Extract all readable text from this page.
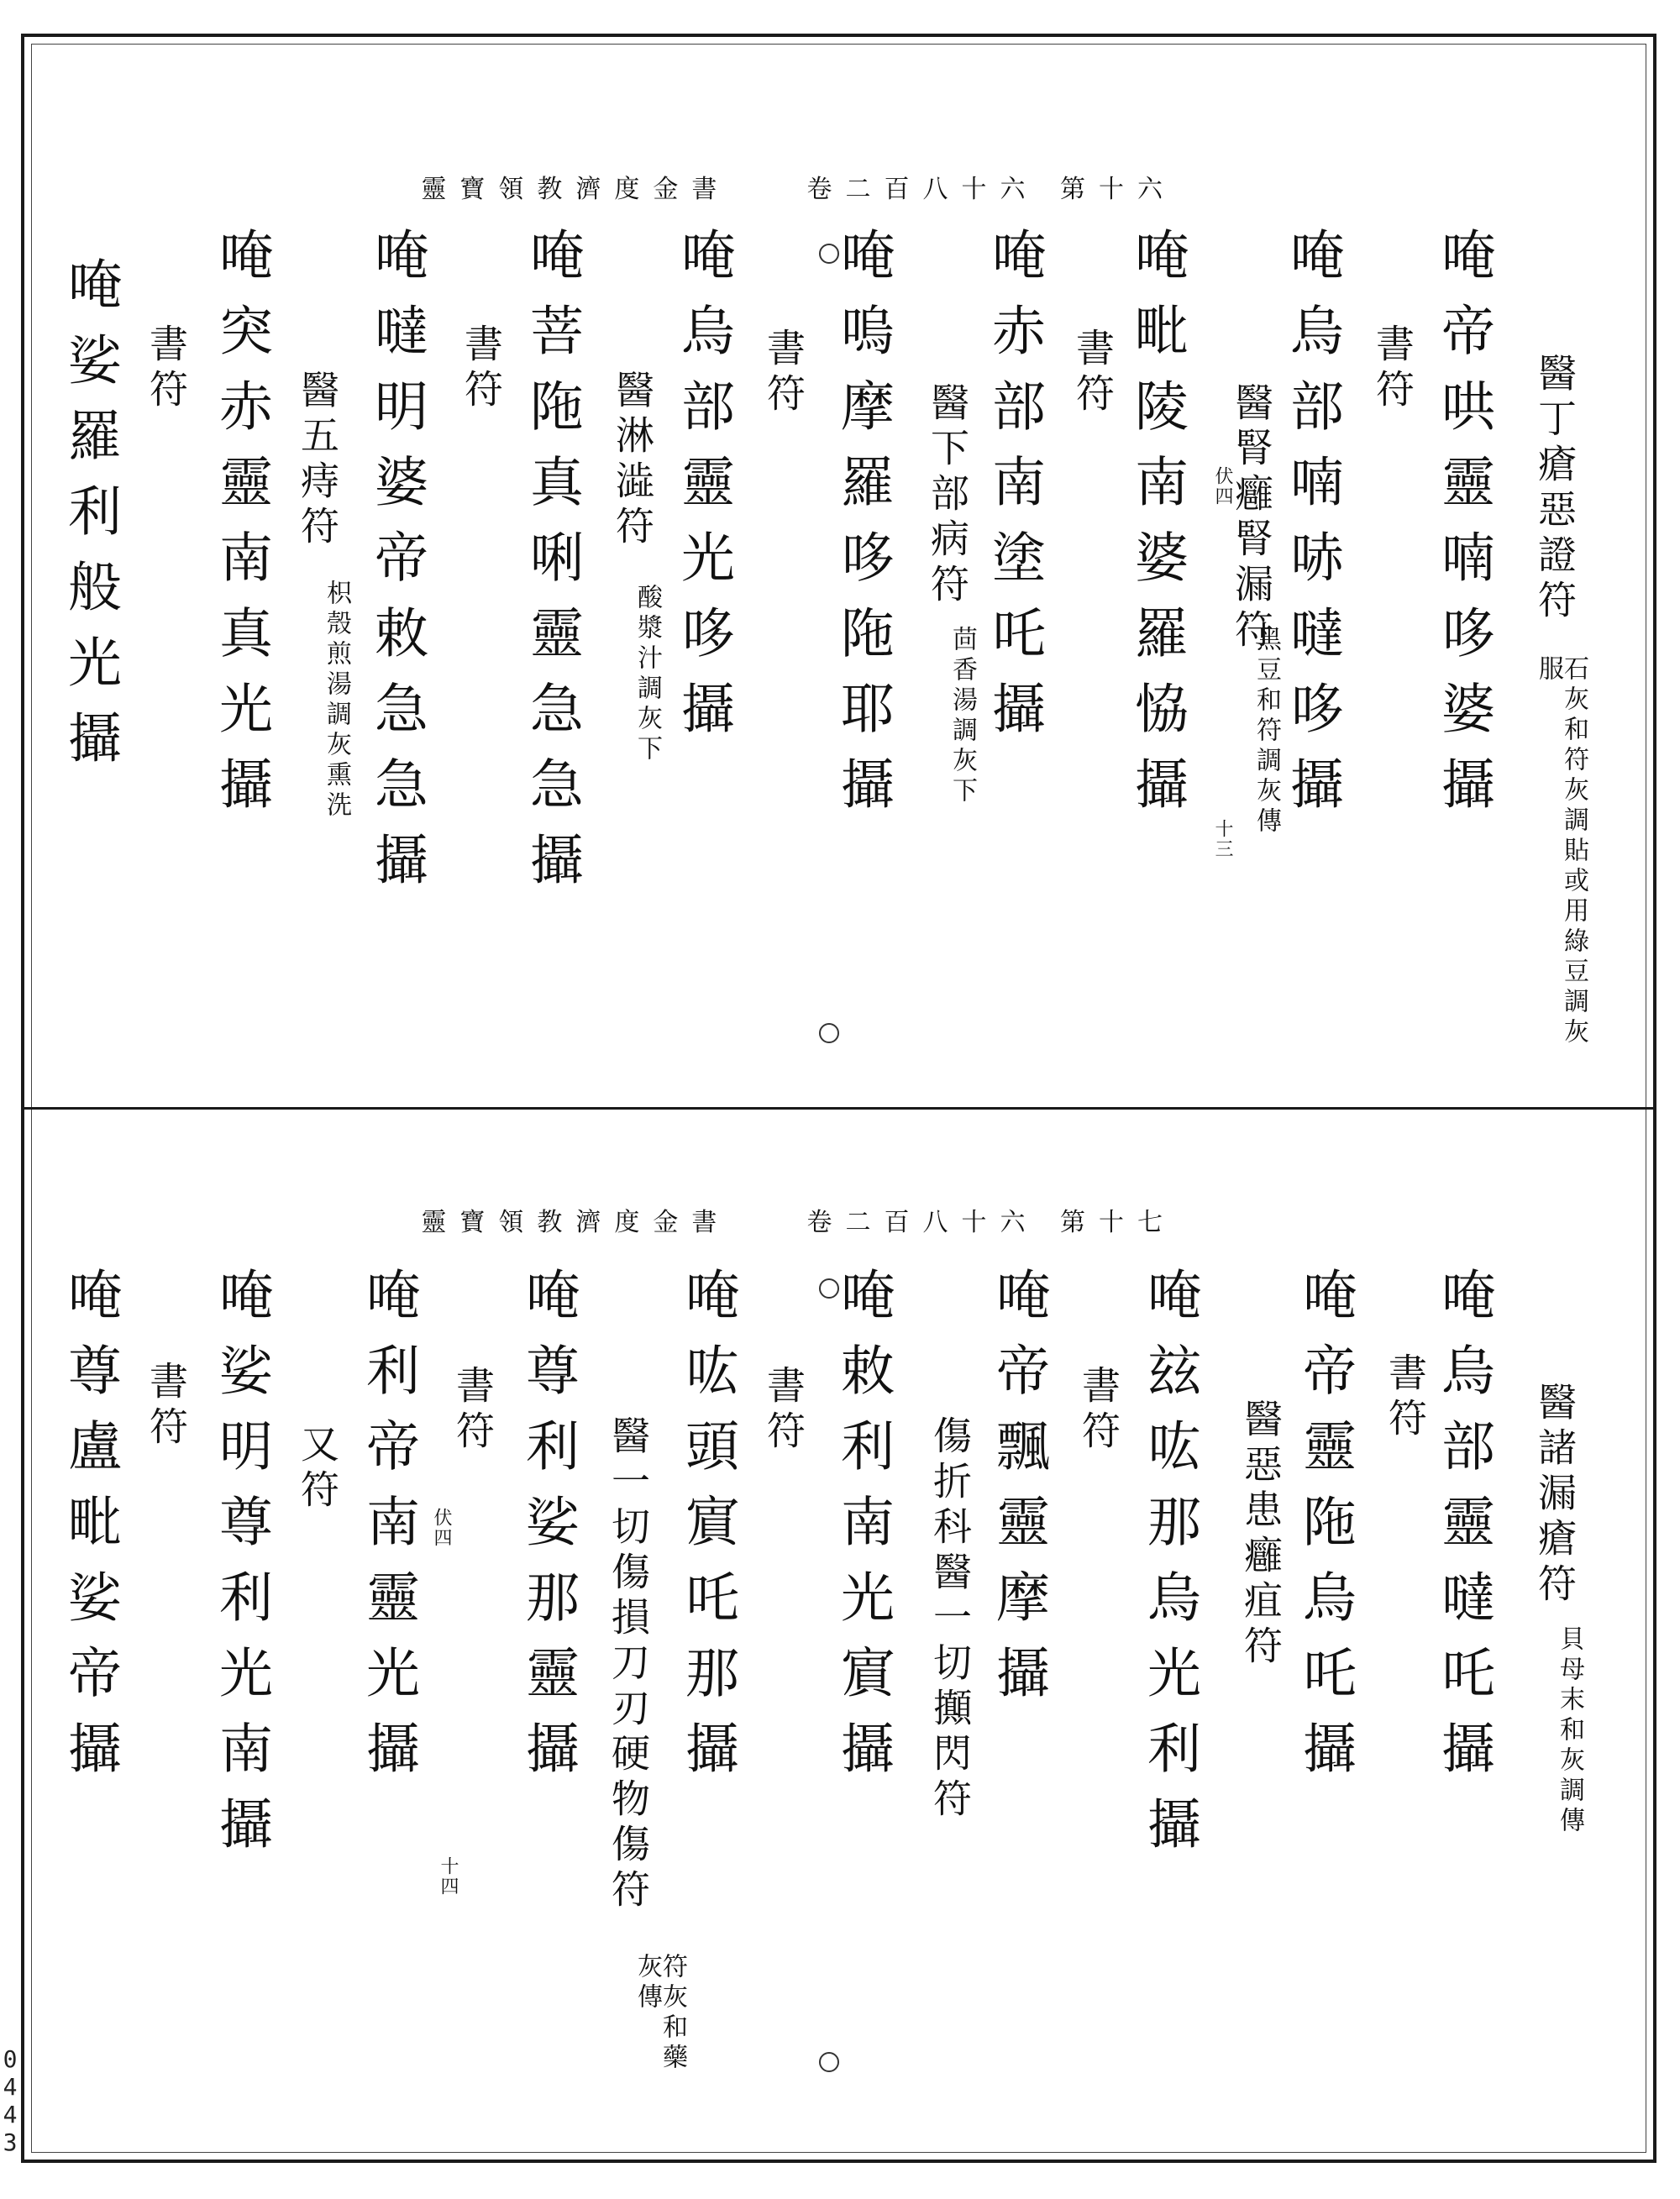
0443
靈寶領教濟度金書	卷二百八十六 第十六
唵帝哄靈喃哆婆攝 醫丁瘡惡證符
石灰和符灰調貼或用綠豆調灰服
唵烏部喃哧噠哆攝 書符
醫腎癰腎漏符
黑豆和符調灰傳
唵毗陵南婆羅恊攝 伏四
十三
書符
唵赤部南塗吒攝
醫下部病符
茴香湯調灰下
唵嗚摩羅哆陁耶攝
書符
唵烏部靈光哆攝
醫淋澁符
酸漿汁調灰下
唵菩陁真唎靈急急攝
書符
唵噠明婆帝敕急急攝
醫五痔符
枳殼煎湯調灰熏洗
唵突赤靈南真光攝
書符
唵娑羅利般光攝
靈寶領教濟度金書	卷二百八十六 第十七
唵烏部靈噠吒攝 醫諸漏瘡符
貝母末和灰調傳
書符
唵帝靈陁烏吒攝
醫惡患癰疽符
唵玆吰那烏光利攝
書符
唵帝飄靈摩攝
傷折科醫一切攧閃符
唵敕利南光賔攝
書符
唵吰頭賔吒那攝
醫一切傷損刀刃硬物傷符
符灰和藥灰傳
唵尊利娑那靈攝
書符
唵利帝南靈光攝 伏四
十四
又符
唵娑明尊利光南攝
書符
唵尊盧毗娑帝攝
